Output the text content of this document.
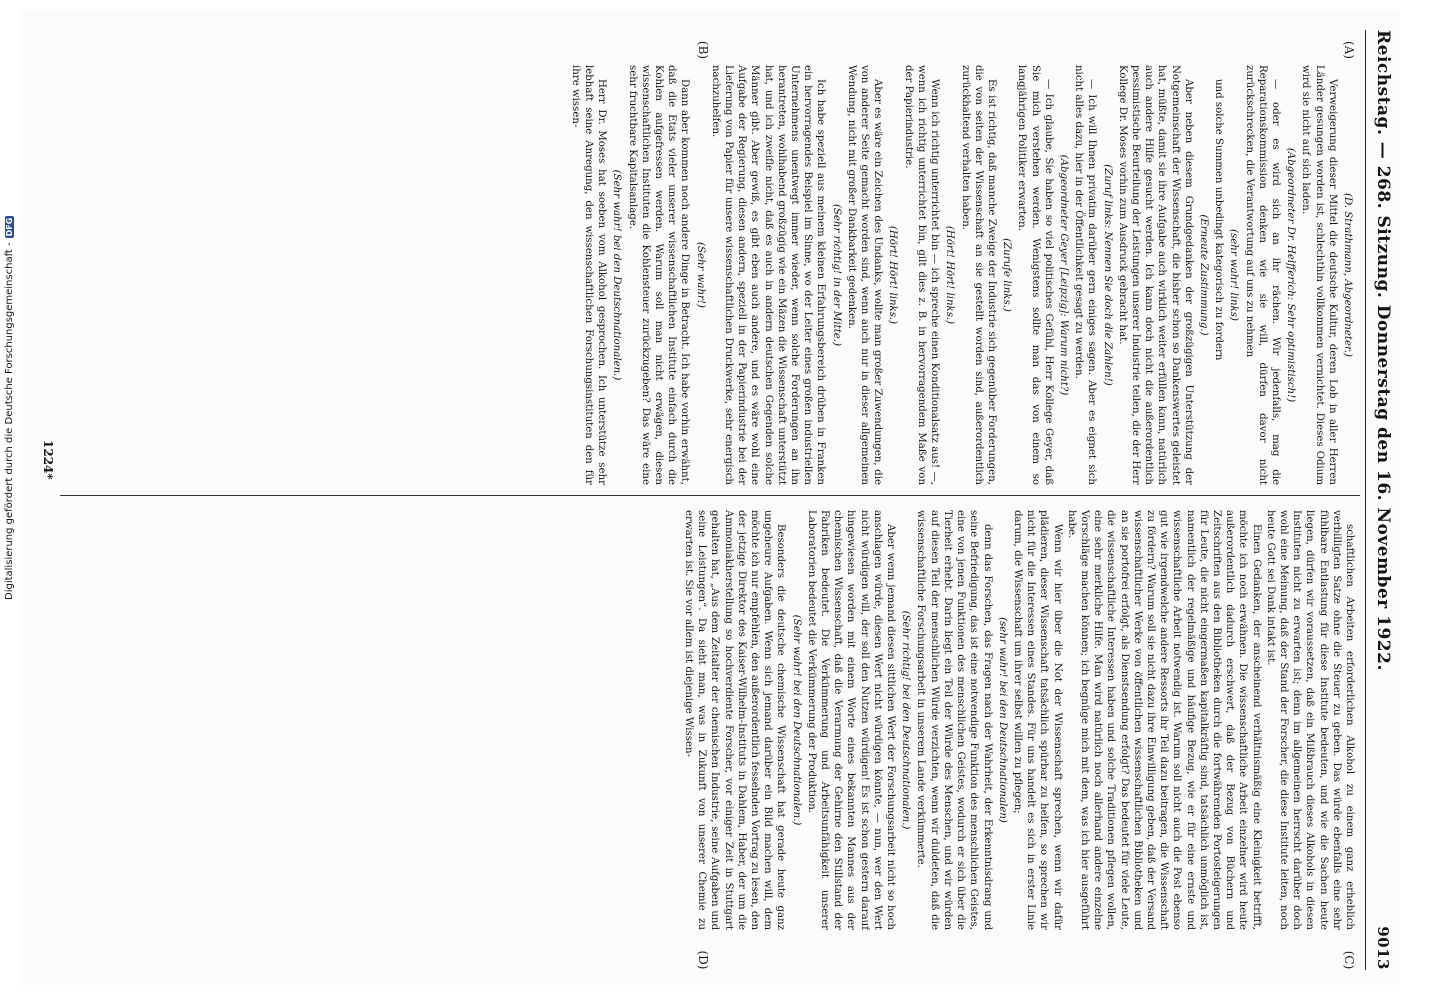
Reichstag. — 268. Sitzung. Donnerstag den 16. November 1922.
9013
(A)
(B)
(C)
(D)

(D. Strathmann, Abgeordneter.)

Verweigerung dieser Mittel die deutsche Kultur, deren Lob in aller Herren Länder gesungen worden ist, schlechthin vollkommen vernichtet. Dieses Odium wird sie nicht auf sich laden.

(Abgeordneter Dr. Helfferich: Sehr optimistisch!)

— oder es wird sich an ihr rächen. Wir jedenfalls, mag die Reparationskommission denken wie sie will, dürfen davor nicht zurückschrecken, die Verantwortung auf uns zu nehmen

(sehr wahr! links)

und solche Summen unbedingt kategorisch zu fordern

(Erneute Zustimmung.)

Aber neben diesem Grundgedanken der großzügigen Unterstützung der Notgemeinschaft der Wissenschaft, die bisher schon so Dankenswertes geleistet hat, müßte, damit sie ihre Aufgabe auch wirklich weiter erfüllen kann, natürlich auch andere Hilfe gesucht werden. Ich kann doch nicht die außerordentlich pessimistische Beurteilung der Leistungen unserer Industrie teilen, die der Herr Kollege Dr. Moses vorhin zum Ausdruck gebracht hat.

(Zuruf links: Nennen Sie doch die Zahlen!)

— Ich will Ihnen privatim darüber gern einiges sagen. Aber es eignet sich nicht alles dazu, hier in der Öffentlichkeit gesagt zu werden.

(Abgeordneter Geyer [Leipzig]: Warum nicht?)

— Ich glaube, Sie haben so viel politisches Gefühl, Herr Kollege Geyer, daß Sie mich verstehen werden. Wenigstens sollte man das von einem so langjährigen Politiker erwarten.

(Zurufe links.)

Es ist richtig, daß manche Zweige der Industrie sich gegenüber Forderungen, die von seiten der Wissenschaft an sie gestellt worden sind, außerordentlich zurückhaltend verhalten haben.

(Hört! Hört! links.)

Wenn ich richtig unterrichtet bin — ich spreche einen Konditionalsatz aus! —, wenn ich richtig unterrichtet bin, gilt dies z. B. in hervorragendem Maße von der Papierindustrie.

(Hört! Hört! links.)

Aber es wäre ein Zeichen des Undanks, wollte man großer Zuwendungen, die von anderer Seite gemacht worden sind, wenn auch nur in dieser allgemeinen Wendung, nicht mit großer Dankbarkeit gedenken.

(Sehr richtig! in der Mitte.)

Ich habe speziell aus meinem kleinen Erfahrungsbereich drüben in Franken ein hervorragendes Beispiel im Sinne, wo der Leiter eines großen industriellen Unternehmens unentwegt immer wieder, wenn solche Forderungen an ihn herantreten, wohlhabend großzügig wie ein Mäzen die Wissenschaft unterstützt hat, und ich zweifle nicht, daß es auch in andern deutschen Gegenden solche Männer gibt. Aber gewiß, es gibt eben auch andere, und es wäre wohl eine Aufgabe der Regierung, diesen andern, speziell in der Papierindustrie bei der Lieferung von Papier für unsere wissenschaftlichen Druckwerke, sehr energisch nachzuhelfen.

(Sehr wahr!)

Dann aber kommen noch andere Dinge in Betracht. Ich habe vorhin erwähnt, daß die Etats vieler unserer wissenschaftlichen Institute einfach durch die Kohlen aufgefressen werden. Warum soll man nicht erwägen, diesen wissenschaftlichen Instituten die Kohlensteuer zurückzugeben? Das wäre eine sehr fruchtbare Kapitalsanlage.

(Sehr wahr! bei den Deutschnationalen.)

Herr Dr. Moses hat soeben vom Alkohol gesprochen. Ich unterstütze sehr lebhaft seine Anregung, den wissenschaftlichen Forschungsinstituten den für ihre wissen-

schaftlichen Arbeiten erforderlichen Alkohol zu einem ganz erheblich verbilligten Satze ohne die Steuer zu geben. Das würde ebenfalls eine sehr fühlbare Entlastung für diese Institute bedeuten, und wie die Sachen heute liegen, dürfen wir voraussetzen, daß ein Mißbrauch dieses Alkohols in diesen Instituten nicht zu erwarten ist; denn im allgemeinen herrscht darüber doch wohl eine Meinung, daß der Stand der Forscher, die diese Institute leiten, noch heute Gott sei Dank intakt ist.

Einen Gedanken, der anscheinend verhältnismäßig eine Kleinigkeit betrifft, möchte ich noch erwähnen. Die wissenschaftliche Arbeit einzelner wird heute außerordentlich dadurch erschwert, daß der Bezug von Büchern und Zeitschriften aus den Bibliotheken durch die fortwährenden Portosteigerungen für Leute, die nicht eingermaßen kapitalkräftig sind, tatsächlich unmöglich ist, namentlich der regelmäßige und häufige Bezug, wie er für eine ernste und wissenschaftliche Arbeit notwendig ist. Warum soll nicht auch die Post ebenso gut wie irgendwelche andere Ressorts ihr Teil dazu beitragen, die Wissenschaft zu fördern? Warum soll sie nicht dazu ihre Einwilligung geben, daß der Versand wissenschaftlicher Werke von öffentlichen wissenschaftlichen Bibliotheken und an sie portofrei erfolgt, als Dienstsendung erfolgt? Das bedeutet für viele Leute, die wissenschaftliche Interessen haben und solche Traditionen pflegen wollen, eine sehr merkliche Hilfe. Man wird natürlich noch allerhand andere einzelne Vorschläge machen können; ich begnüge mich mit dem, was ich hier ausgeführt habe.

Wenn wir hier über die Not der Wissenschaft sprechen, wenn wir dafür plädieren, dieser Wissenschaft tatsächlich spürbar zu helfen, so sprechen wir nicht für die Interessen eines Standes. Für uns handelt es sich in erster Linie darum, die Wissenschaft um ihrer selbst willen zu pflegen;

(sehr wahr! bei den Deutschnationalen)

denn das Forschen, das Fragen nach der Wahrheit, der Erkenntnisdrang und seine Befriedigung, das ist eine notwendige Funktion des menschlichen Geistes, eine von jenen Funktionen des menschlichen Geistes, wodurch er sich über die Tierheit erhebt. Darin liegt ein Teil der Würde des Menschen, und wir würden auf diesen Teil der menschlichen Würde verzichten, wenn wir duldeten, daß die wissenschaftliche Forschungsarbeit in unserem Lande verkümmerte.

(Sehr richtig! bei den Deutschnationalen.)

Aber wenn jemand diesen sittlichen Wert der Forschungsarbeit nicht so hoch anschlagen würde, diesen Wert nicht würdigen könnte, — nun, wer den Wert nicht würdigen will, der soll den Nutzen würdigen! Es ist schon gestern darauf hingewiesen worden mit einem Worte eines bekannten Mannes aus der chemischen Wissenschaft, daß die Verarmung der Gehirne den Stillstand der Fabriken bedeutet. Die Verkümmerung und Arbeitsunfähigkeit unserer Laboratorien bedeutet die Verkümmerung der Produktion.

(Sehr wahr! bei den Deutschnationalen.)

Besonders die deutsche chemische Wissenschaft hat gerade heute ganz ungeheure Aufgaben. Wenn sich jemand darüber ein Bild machen will, dem möchte ich nur empfehlen, den außerordentlich fesselnden Vortrag zu lesen, den der jetzige Direktor des Kaiser-Wilhelm-Instituts in Dahlem, Haber, der um die Ammoniakherstellung so hochverdiente Forscher, vor einiger Zeit in Stuttgart gehalten hat, „Aus dem Zeitalter der chemischen Industrie, seine Aufgaben und seine Leistungen“. Da sieht man, was in Zukunft von unserer Chemie zu erwarten ist. Sie vor allem ist diejenige Wissen-

1224*
Digitalisierung gefördert durch die Deutsche Forschungsgemeinschaft -
DFG
